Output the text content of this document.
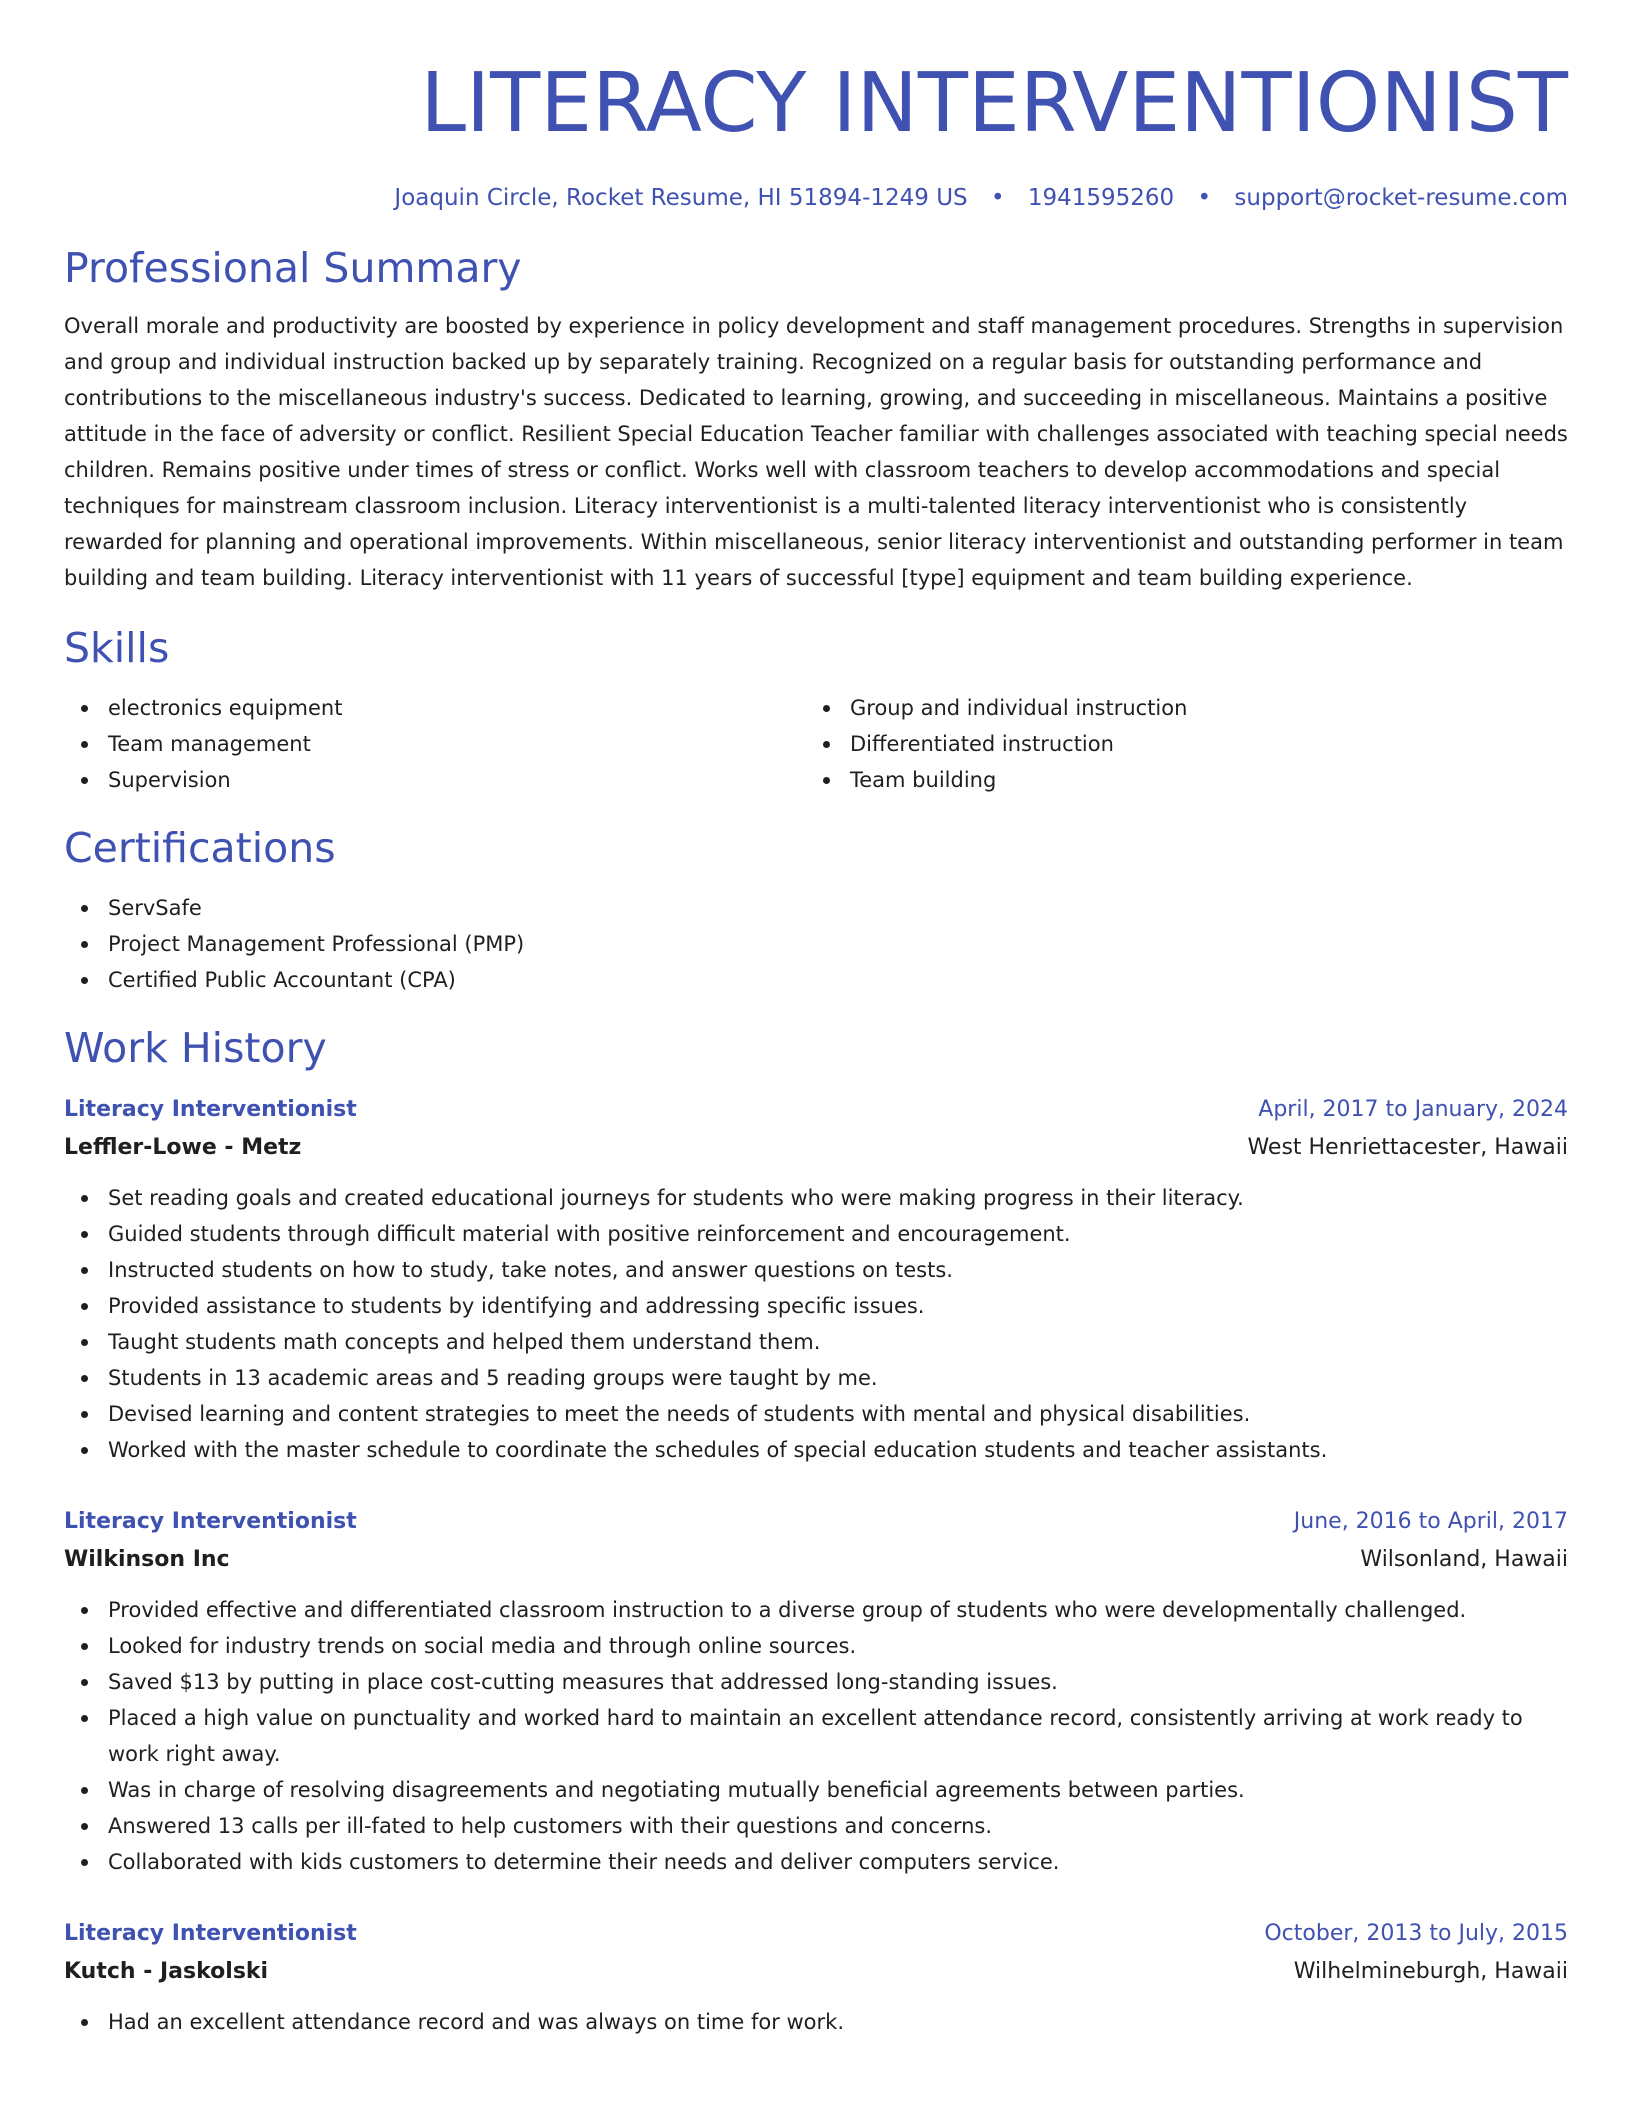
LITERACY INTERVENTIONIST
Joaquin Circle, Rocket Resume, HI 51894-1249 US • 1941595260 • support@rocket-resume.com
Professional Summary
Overall morale and productivity are boosted by experience in policy development and staff management procedures. Strengths in supervision and group and individual instruction backed up by separately training. Recognized on a regular basis for outstanding performance and contributions to the miscellaneous industry's success. Dedicated to learning, growing, and succeeding in miscellaneous. Maintains a positive attitude in the face of adversity or conflict. Resilient Special Education Teacher familiar with challenges associated with teaching special needs children. Remains positive under times of stress or conflict. Works well with classroom teachers to develop accommodations and special techniques for mainstream classroom inclusion. Literacy interventionist is a multi-talented literacy interventionist who is consistently rewarded for planning and operational improvements. Within miscellaneous, senior literacy interventionist and outstanding performer in team building and team building. Literacy interventionist with 11 years of successful [type] equipment and team building experience.
Skills
electronics equipment
Team management
Supervision
Group and individual instruction
Differentiated instruction
Team building
Certifications
ServSafe
Project Management Professional (PMP)
Certified Public Accountant (CPA)
Work History
Literacy Interventionist	April, 2017 to January, 2024
Leffler-Lowe - Metz	West Henriettacester, Hawaii
Set reading goals and created educational journeys for students who were making progress in their literacy.
Guided students through difficult material with positive reinforcement and encouragement.
Instructed students on how to study, take notes, and answer questions on tests.
Provided assistance to students by identifying and addressing specific issues.
Taught students math concepts and helped them understand them.
Students in 13 academic areas and 5 reading groups were taught by me.
Devised learning and content strategies to meet the needs of students with mental and physical disabilities.
Worked with the master schedule to coordinate the schedules of special education students and teacher assistants.
Literacy Interventionist	June, 2016 to April, 2017
Wilkinson Inc	Wilsonland, Hawaii
Provided effective and differentiated classroom instruction to a diverse group of students who were developmentally challenged.
Looked for industry trends on social media and through online sources.
Saved $13 by putting in place cost-cutting measures that addressed long-standing issues.
Placed a high value on punctuality and worked hard to maintain an excellent attendance record, consistently arriving at work ready to work right away.
Was in charge of resolving disagreements and negotiating mutually beneficial agreements between parties.
Answered 13 calls per ill-fated to help customers with their questions and concerns.
Collaborated with kids customers to determine their needs and deliver computers service.
Literacy Interventionist	October, 2013 to July, 2015
Kutch - Jaskolski	Wilhelmineburgh, Hawaii
Had an excellent attendance record and was always on time for work.
